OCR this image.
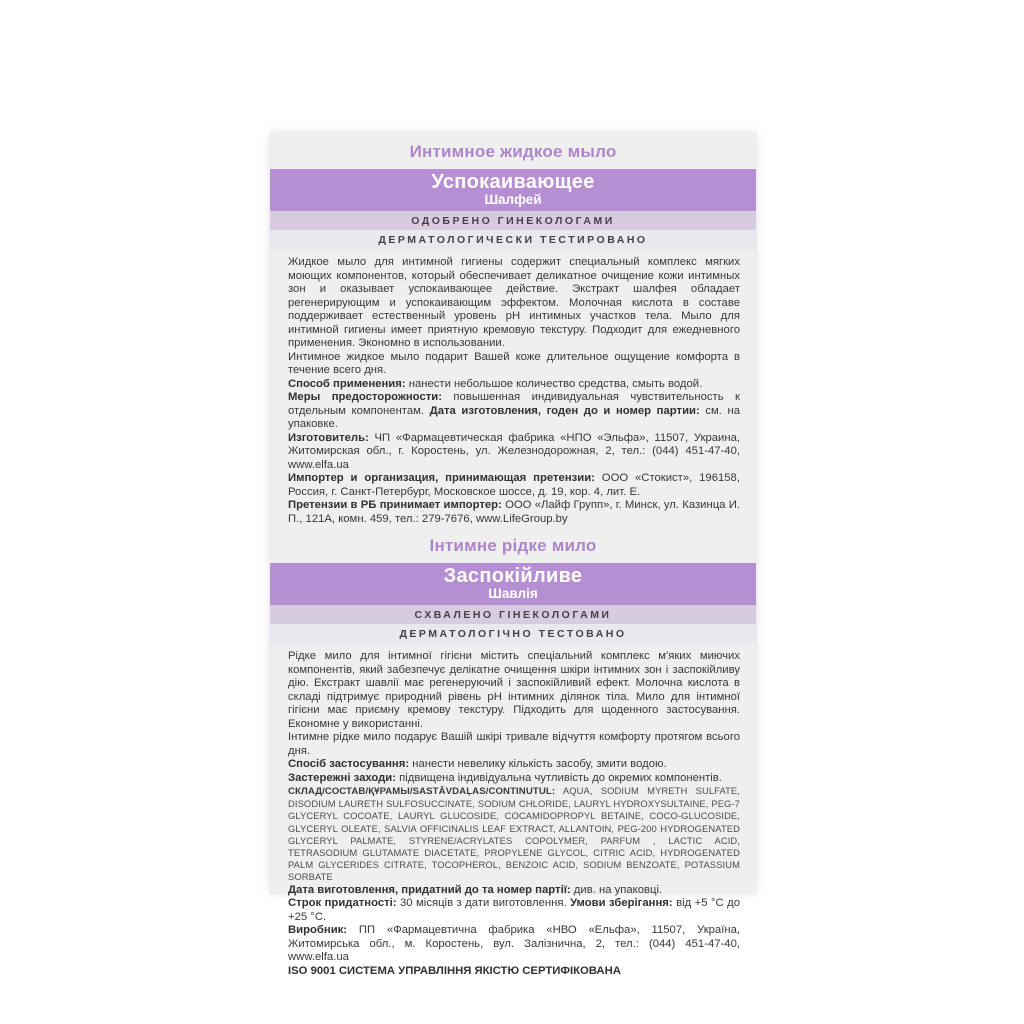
Интимное жидкое мыло
Успокаивающее
Шалфей
ОДОБРЕНО ГИНЕКОЛОГАМИ
ДЕРМАТОЛОГИЧЕСКИ ТЕСТИРОВАНО

Жидкое мыло для интимной гигиены содержит специальный комплекс мягких моющих компонентов, который обеспечивает деликатное очищение кожи интимных зон и оказывает успокаивающее действие. Экстракт шалфея обладает регенерирующим и успокаивающим эффектом. Молочная кислота в составе поддерживает естественный уровень pH интимных участков тела. Мыло для интимной гигиены имеет приятную кремовую текстуру. Подходит для ежедневного применения. Экономно в использовании.

Интимное жидкое мыло подарит Вашей коже длительное ощущение комфорта в течение всего дня.

Способ применения: нанести небольшое количество средства, смыть водой.

Меры предосторожности: повышенная индивидуальная чувствительность к отдельным компонентам. Дата изготовления, годен до и номер партии: см. на упаковке.

Изготовитель: ЧП «Фармацевтическая фабрика «НПО «Эльфа», 11507, Украина, Житомирская обл., г. Коростень, ул. Железнодорожная, 2, тел.: (044) 451-47-40, www.elfa.ua

Импортер и организация, принимающая претензии: ООО «Стокист», 196158, Россия, г. Санкт-Петербург, Московское шоссе, д. 19, кор. 4, лит. Е.

Претензии в РБ принимает импортер: ООО «Лайф Групп», г. Минск, ул. Казинца И. П., 121А, комн. 459, тел.: 279-7676, www.LifeGroup.by

Інтимне рідке мило
Заспокійливе
Шавлія
СХВАЛЕНО ГІНЕКОЛОГАМИ
ДЕРМАТОЛОГІЧНО ТЕСТОВАНО

Рідке мило для інтимної гігієни містить спеціальний комплекс м'яких миючих компонентів, який забезпечує делікатне очищення шкіри інтимних зон і заспокійливу дію. Екстракт шавлії має регенеруючий і заспокійливий ефект. Молочна кислота в складі підтримує природний рівень pH інтимних ділянок тіла. Мило для інтимної гігієни має приємну кремову текстуру. Підходить для щоденного застосування. Економне у використанні.

Інтимне рідке мило подарує Вашій шкірі тривале відчуття комфорту протягом всього дня.

Спосіб застосування: нанести невелику кількість засобу, змити водою.

Застережні заходи: підвищена індивідуальна чутливість до окремих компонентів.

СКЛАД/СОСТАВ/ҚҰРАМЫ/SASTĀVDAĻAS/CONTINUTUL: AQUA, SODIUM MYRETH SULFATE, DISODIUM LAURETH SULFOSUCCINATE, SODIUM CHLORIDE, LAURYL HYDROXYSULTAINE, PEG-7 GLYCERYL COCOATE, LAURYL GLUCOSIDE, COCAMIDOPROPYL BETAINE, COCO-GLUCOSIDE, GLYCERYL OLEATE, SALVIA OFFICINALIS LEAF EXTRACT, ALLANTOIN, PEG-200 HYDROGENATED GLYCERYL PALMATE, STYRENE/ACRYLATES COPOLYMER, PARFUM , LACTIC ACID, TETRASODIUM GLUTAMATE DIACETATE, PROPYLENE GLYCOL, CITRIC ACID, HYDROGENATED PALM GLYCERIDES CITRATE, TOCOPHEROL, BENZOIC ACID, SODIUM BENZOATE, POTASSIUM SORBATE

Дата виготовлення, придатний до та номер партії: див. на упаковці.

Строк придатності: 30 місяців з дати виготовлення. Умови зберігання: від +5 °C до +25 °C.

Виробник: ПП «Фармацевтична фабрика «НВО «Ельфа», 11507, Україна, Житомирська обл., м. Коростень, вул. Залізнична, 2, тел.: (044) 451-47-40, www.elfa.ua

ISO 9001 СИСТЕМА УПРАВЛІННЯ ЯКІСТЮ СЕРТИФІКОВАНА
